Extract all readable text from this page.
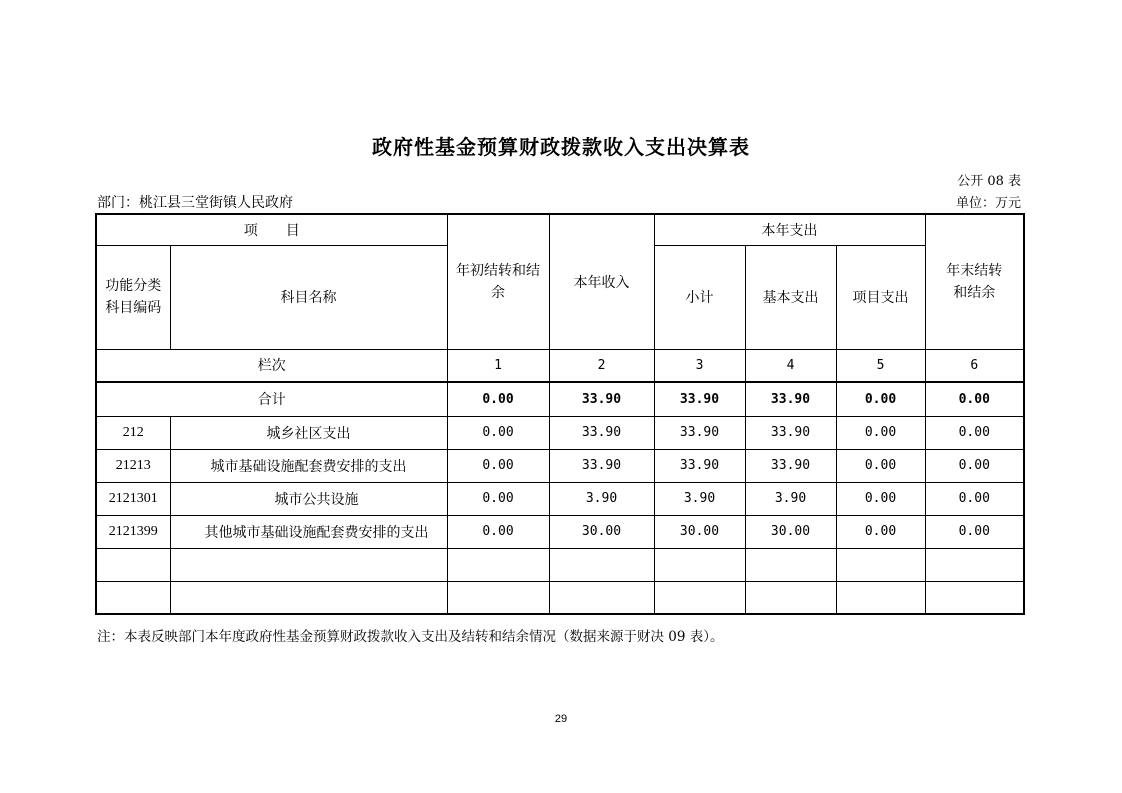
政府性基金预算财政拨款收入支出决算表
公开 08 表
部门：桃江县三堂街镇人民政府	单位：万元
项　　目		年初结转和结余	本年收入	本年支出			年末结转和结余
功能分类科目编码	科目名称			小计	基本支出	项目支出	
栏次		1	2	3	4	5	6
合计		0.00	33.90	33.90	33.90	0.00	0.00
212	城乡社区支出	0.00	33.90	33.90	33.90	0.00	0.00
21213	城市基础设施配套费安排的支出	0.00	33.90	33.90	33.90	0.00	0.00
2121301	城市公共设施	0.00	3.90	3.90	3.90	0.00	0.00
2121399	其他城市基础设施配套费安排的支出	0.00	30.00	30.00	30.00	0.00	0.00

注：本表反映部门本年度政府性基金预算财政拨款收入支出及结转和结余情况（数据来源于财决 09 表）。
29
